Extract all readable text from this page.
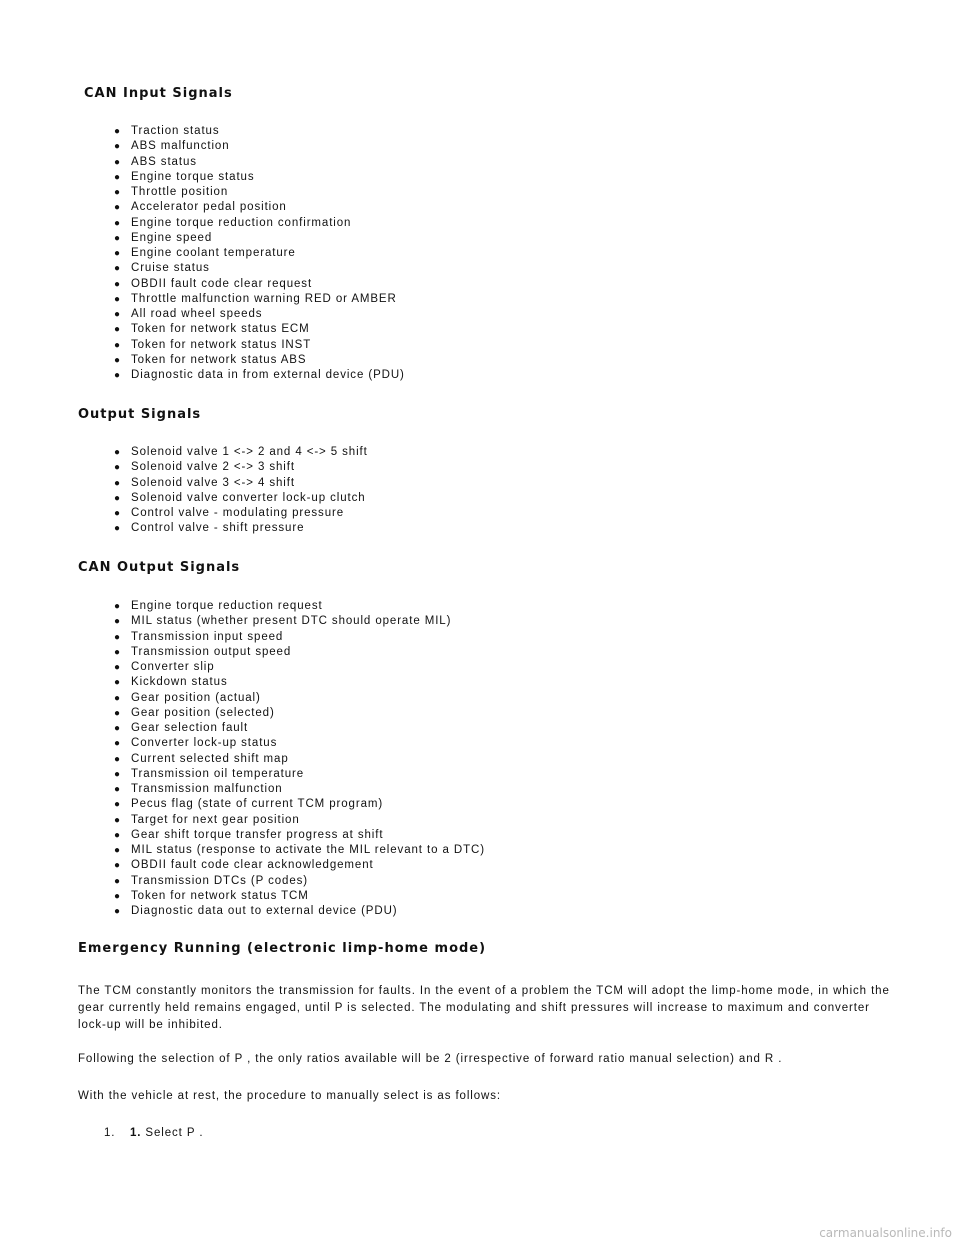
CAN Input Signals
● Traction status
● ABS malfunction
● ABS status
● Engine torque status
● Throttle position
● Accelerator pedal position
● Engine torque reduction confirmation
● Engine speed
● Engine coolant temperature
● Cruise status
● OBDII fault code clear request
● Throttle malfunction warning RED or AMBER
● All road wheel speeds
● Token for network status ECM
● Token for network status INST
● Token for network status ABS
● Diagnostic data in from external device (PDU)
Output Signals
● Solenoid valve 1 <-> 2 and 4 <-> 5 shift
● Solenoid valve 2 <-> 3 shift
● Solenoid valve 3 <-> 4 shift
● Solenoid valve converter lock-up clutch
● Control valve - modulating pressure
● Control valve - shift pressure
CAN Output Signals
● Engine torque reduction request
● MIL status (whether present DTC should operate MIL)
● Transmission input speed
● Transmission output speed
● Converter slip
● Kickdown status
● Gear position (actual)
● Gear position (selected)
● Gear selection fault
● Converter lock-up status
● Current selected shift map
● Transmission oil temperature
● Transmission malfunction
● Pecus flag (state of current TCM program)
● Target for next gear position
● Gear shift torque transfer progress at shift
● MIL status (response to activate the MIL relevant to a DTC)
● OBDII fault code clear acknowledgement
● Transmission DTCs (P codes)
● Token for network status TCM
● Diagnostic data out to external device (PDU)
Emergency Running (electronic limp-home mode)

The TCM constantly monitors the transmission for faults. In the event of a problem the TCM will adopt the limp-home mode, in which the gear currently held remains engaged, until P is selected. The modulating and shift pressures will increase to maximum and converter lock-up will be inhibited.

Following the selection of P , the only ratios available will be 2 (irrespective of forward ratio manual selection) and R .

With the vehicle at rest, the procedure to manually select is as follows:

1. 1. Select P .
carmanualsonline.info
